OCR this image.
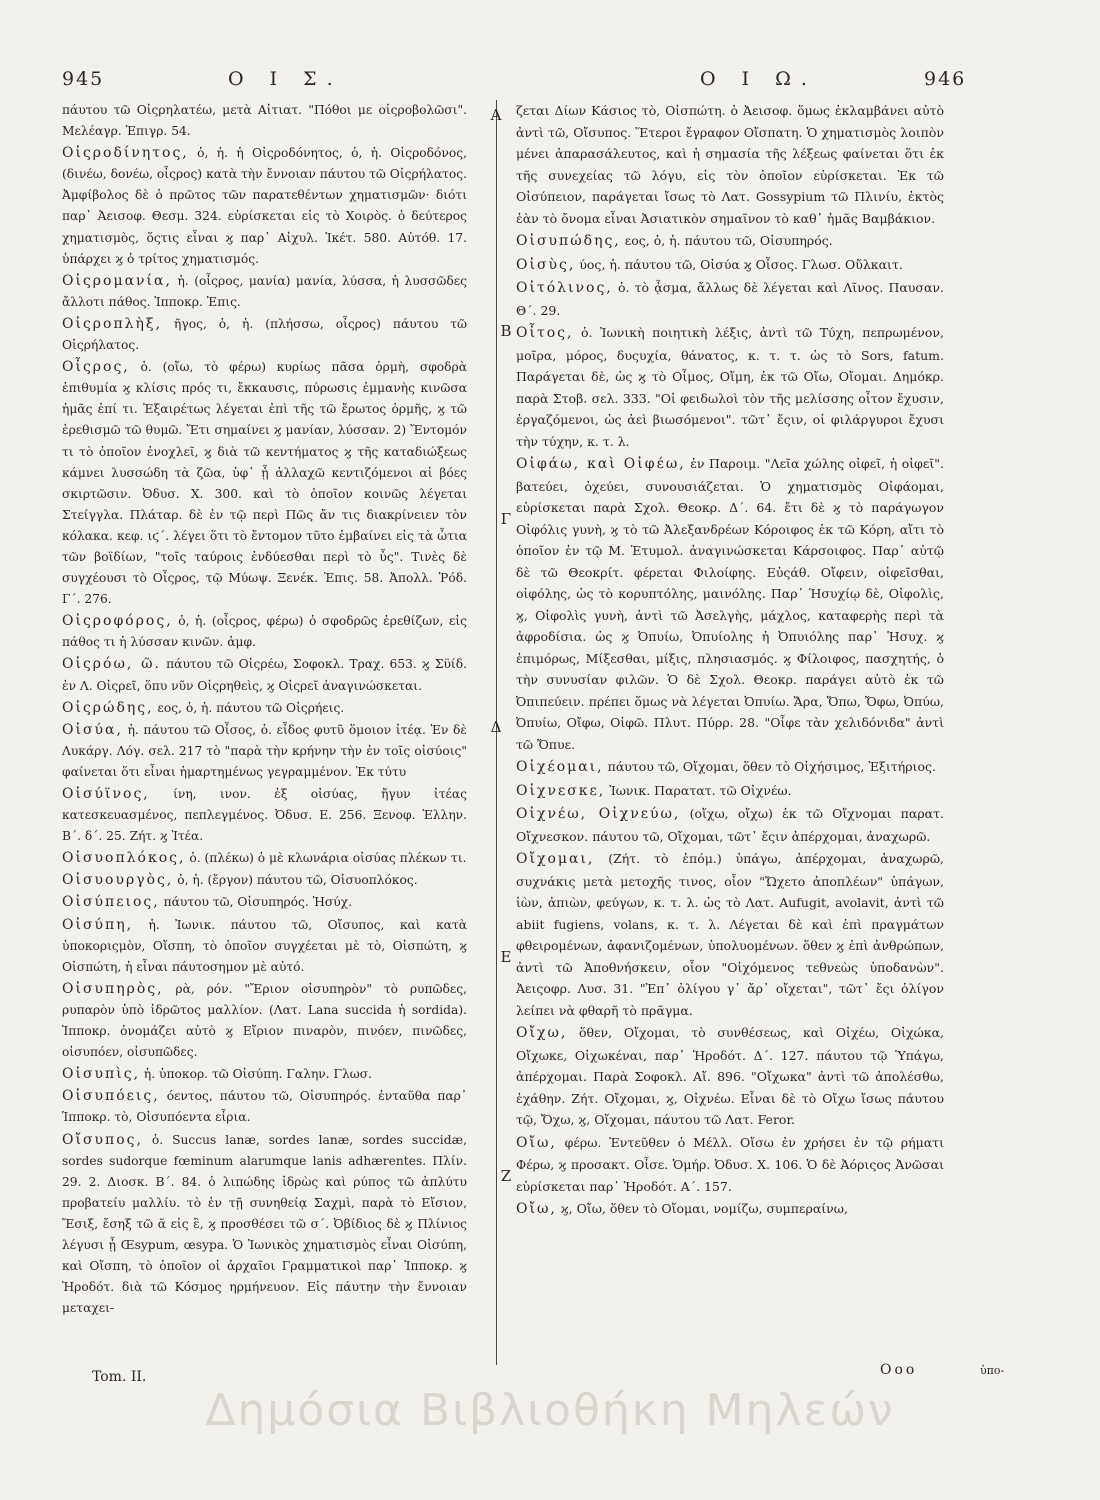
945	Ο Ι Σ.	Ο Ι Ω.	946

πάυτου τῶ Οἰςρηλατέω, μετὰ Αἰτιατ. "Πόθοι με οἰςροβολῶσι". Μελέαγρ. Ἐπιγρ. 54.

Οἰςροδίνητος, ὁ, ἡ. ἡ Οἰςροδόνητος, ὁ, ἡ. Οἰςροδόνος, (δινέω, δονέω, οἶςρος) κατὰ τὴν ἔννοιαν πάυτου τῶ Οἰςρήλατος. Ἀμφίβολος δὲ ὁ πρῶτος τῶν παρατεθέντων χηματισμῶν· διότι παρ᾽ Ἀεισοφ. Θεσμ. 324. εὑρίσκεται εἰς τὸ Χοιρὸς. ὁ δεύτερος χηματισμὸς, ὅςτις εἶναι ϗ παρ᾽ Αἰχυλ. Ἱκέτ. 580. Αὐτόθ. 17. ὑπάρχει ϗ ὁ τρίτος χηματισμός.

Οἰςρομανία, ἡ. (οἶςρος, μανία) μανία, λύσσα, ἡ λυσσῶδες ἄλλοτι πάθος. Ἱπποκρ. Ἐπις.

Οἰςροπλὴξ, ῆγος, ὁ, ἡ. (πλήσσω, οἶςρος) πάυτου τῶ Οἰςρήλατος.

Οἶςρος, ὁ. (οἴω, τὸ φέρω) κυρίως πᾶσα ὁρμὴ, σφοδρὰ ἐπιθυμία ϗ κλίσις πρός τι, ἔκκαυσις, πύρωσις ἐμμανὴς κινῶσα ἡμᾶς ἐπί τι. Ἐξαιρέτως λέγεται ἐπὶ τῆς τῶ ἔρωτος ὁρμῆς, ϗ τῶ ἐρεθισμῶ τῶ θυμῶ. Ἔτι σημαίνει ϗ μανίαν, λύσσαν. 2) Ἔντομόν τι τὸ ὁποῖον ἐνοχλεῖ, ϗ διὰ τῶ κεντήματος ϗ τῆς καταδιώξεως κάμνει λυσσώδη τὰ ζῶα, ὑφ᾽ ᾗ ἀλλαχῶ κεντιζόμενοι αἱ βόες σκιρτῶσιν. Ὀδυσ. Χ. 300. καὶ τὸ ὁποῖον κοινῶς λέγεται Στείγγλα. Πλάταρ. δὲ ἐν τῷ περὶ Πῶς ἄν τις διακρίνειεν τὸν κόλακα. κεφ. ιϛ΄. λέγει ὅτι τὸ ἔντομον τῦτο ἐμβαίνει εἰς τὰ ὦτια τῶν βοϊδίων, "τοῖς ταύροις ἐνδύεσθαι περὶ τὸ ὖς". Τινὲς δὲ συγχέουσι τὸ Οἶςρος, τῷ Μύωψ. Ξενέκ. Ἐπις. 58. Ἀπολλ. Ῥόδ. Γ΄. 276.

Οἰςροφόρος, ὁ, ἡ. (οἶςρος, φέρω) ὁ σφοδρῶς ἐρεθίζων, εἰς πάθος τι ἡ λύσσαν κινῶν. ἀμφ.

Οἰςρόω, ῶ. πάυτου τῶ Οἰςρέω, Σοφοκλ. Τραχ. 653. ϗ Σϋίδ. ἐν Λ. Οἰςρεῖ, ὅπυ νῦν Οἰςρηθεὶς, ϗ Οἰςρεῖ ἀναγινώσκεται.

Οἰςρώδης, εος, ὁ, ἡ. πάυτου τῶ Οἰςρήεις.

Οἰσύα, ἡ. πάυτου τῶ Οἶσος, ὁ. εἶδος φυτῦ ὅμοιον ἰτέᾳ. Ἐν δὲ Λυκάργ. Λόγ. σελ. 217 τὸ "παρὰ τὴν κρήνην τὴν ἐν τοῖς οἰσύοις" φαίνεται ὅτι εἶναι ἡμαρτημένως γεγραμμένον. Ἐκ τύτυ

Οἰσύϊνος, ίνη, ινον. ἐξ οἰσύας, ἤγυν ἰτέας κατεσκευασμένος, πεπλεγμένος. Ὀδυσ. Ε. 256. Ξενοφ. Ἑλλην. Β΄. δ΄. 25. Ζήτ. ϗ Ἰτέα.

Οἰσυοπλόκος, ὁ. (πλέκω) ὁ μὲ κλωνάρια οἰσύας πλέκων τι.

Οἰσυουργὸς, ὁ, ἡ. (ἔργον) πάυτου τῶ, Οἰσυοπλόκος.

Οἰσύπειος, πάυτου τῶ, Οἰσυπηρός. Ἡσύχ.

Οἰσύπη, ἡ. Ἰωνικ. πάυτου τῶ, Οἴσυπος, καὶ κατὰ ὑποκοριςμὸν, Οἴσπη, τὸ ὁποῖον συγχέεται μὲ τὸ, Οἰσπώτη, ϗ Οἰσπώτη, ἡ εἶναι πάυτοσημον μὲ αὐτό.

Οἰσυπηρὸς, ρὰ, ρόν. "Ἔριον οἰσυπηρὸν" τὸ ρυπῶδες, ρυπαρὸν ὑπὸ ἱδρῶτος μαλλίον. (Λατ. Lana succida ἡ sordida). Ἱπποκρ. ὀνομάζει αὐτὸ ϗ Εἴριον πιναρὸν, πινόεν, πινῶδες, οἰσυπόεν, οἰσυπῶδες.

Οἰσυπὶς, ἡ. ὑποκορ. τῶ Οἰσύπη. Γαλην. Γλωσ.

Οἰσυπόεις, όεντος, πάυτου τῶ, Οἰσυπηρός. ἐνταῦθα παρ᾽ Ἱπποκρ. τὸ, Οἰσυπόεντα εἶρια.

Οἴσυπος, ὁ. Succus lanæ, sordes lanæ, sordes succidæ, sordes sudorque fœminum alarumque lanis adhærentes. Πλίν. 29. 2. Διοσκ. Β΄. 84. ὁ λιπώδης ἱδρὼς καὶ ρύπος τῶ ἀπλύτυ προβατείυ μαλλίυ. τὸ ἐν τῇ συνηθείᾳ Σαχμὶ, παρὰ τὸ Εἴσιον, Ἔσιξ, ἔσηξ τῶ ᾶ εἰς ἒ, ϗ προσθέσει τῶ σ΄. Ὀβίδιος δὲ ϗ Πλίνιος λέγυσι ᾗ Œsypum, œsypa. Ὁ Ἰωνικὸς χηματισμὸς εἶναι Οἰσύπη, καὶ Οἴσπη, τὸ ὁποῖον οἱ ἀρχαῖοι Γραμματικοὶ παρ᾽ Ἱπποκρ. ϗ Ἡροδότ. διὰ τῶ Κόσμος ηρμήνευον. Εἰς πάυτην τὴν ἔννοιαν μεταχει-

Α
Β
Γ
Δ
Ε
Ζ

ζεται Δίων Κάσιος τὸ, Οἰσπώτη. ὁ Ἀεισοφ. ὅμως ἐκλαμβάνει αὐτὸ ἀντὶ τῶ, Οἴσυπος. Ἕτεροι ἔγραφον Οἴσπατη. Ὁ χηματισμὸς λοιπὸν μένει ἀπαρασάλευτος, καὶ ἡ σημασία τῆς λέξεως φαίνεται ὅτι ἐκ τῆς συνεχείας τῶ λόγυ, εἰς τὸν ὁποῖον εὑρίσκεται. Ἐκ τῶ Οἰσύπειον, παράγεται ἴσως τὸ Λατ. Gossypium τῶ Πλινίυ, ἐκτὸς ἐὰν τὸ ὄνομα εἶναι Ἀσιατικὸν σημαῖνον τὸ καθ᾽ ἡμᾶς Βαμβάκιον.

Οἰσυπώδης, εος, ὁ, ἡ. πάυτου τῶ, Οἰσυπηρός.

Οἰσὺς, ύος, ἡ. πάυτου τῶ, Οἰσύα ϗ Οἶσος. Γλωσ. Οὔλκαιτ.

Οἰτόλινος, ὁ. τὸ ᾆσμα, ἄλλως δὲ λέγεται καὶ Λῖνος. Παυσαν. Θ΄. 29.

Οἶτος, ὁ. Ἰωνικὴ ποιητικὴ λέξις, ἀντὶ τῶ Τύχη, πεπρωμένον, μοῖρα, μόρος, δυςυχία, θάνατος, κ. τ. τ. ὡς τὸ Sors, fatum. Παράγεται δὲ, ὡς ϗ τὸ Οἶμος, Οἴμη, ἐκ τῶ Οἴω, Οἴομαι. Δημόκρ. παρὰ Στοβ. σελ. 333. "Οἱ φειδωλοὶ τὸν τῆς μελίσσης οἶτον ἔχυσιν, ἐργαζόμενοι, ὡς ἀεὶ βιωσόμενοι". τῶτ᾽ ἔςιν, οἱ φιλάργυροι ἔχυσι τὴν τύχην, κ. τ. λ.

Οἰφάω, καὶ Οἰφέω, ἐν Παροιμ. "Λεῖα χώλης οἰφεῖ, ἡ οἰφεῖ". βατεύει, ὀχεύει, συνουσιάζεται. Ὁ χηματισμὸς Οἰφάομαι, εὑρίσκεται παρὰ Σχολ. Θεοκρ. Δ΄. 64. ἔτι δὲ ϗ τὸ παράγωγον Οἰφόλις γυνὴ, ϗ τὸ τῶ Ἀλεξανδρέων Κόροιφος ἐκ τῶ Κόρη, αἴτι τὸ ὁποῖον ἐν τῷ Μ. Ἐτυμολ. ἀναγινώσκεται Κάρσοιφος. Παρ᾽ αὐτῷ δὲ τῶ Θεοκρίτ. φέρεται Φιλοίφης. Εὐςάθ. Οἴφειν, οἰφεῖσθαι, οἰφόλης, ὡς τὸ κορυπτόλης, μαινόλης. Παρ᾽ Ἡσυχίῳ δὲ, Οἰφολὶς, ϗ, Οἰφολὶς γυνὴ, ἀντὶ τῶ Ἀσελγὴς, μάχλος, καταφερὴς περὶ τὰ ἀφροδίσια. ὡς ϗ Ὀπυίω, Ὀπυίολης ἡ Ὀπυιόλης παρ᾽ Ἡσυχ. ϗ ἐπιμόρως, Μίξεσθαι, μίξις, πλησιασμός. ϗ Φίλοιφος, πασχητής, ὁ τὴν συνυσίαν φιλῶν. Ὁ δὲ Σχολ. Θεοκρ. παράγει αὐτὸ ἐκ τῶ Ὀπιπεύειν. πρέπει ὅμως νὰ λέγεται Ὀπυίω. Ἄρα, Ὄπω, Ὄφω, Ὀπύω, Ὀπυίω, Οἴφω, Οἰφῶ. Πλυτ. Πύρρ. 28. "Οἶφε τὰν χελιδόνιδα" ἀντὶ τῶ Ὄπυε.

Οἰχέομαι, πάυτου τῶ, Οἴχομαι, ὅθεν τὸ Οἰχήσιμος, Ἐξιτήριος.

Οἰχνεσκε, Ἰωνικ. Παρατατ. τῶ Οἰχνέω.

Οἰχνέω, Οἰχνεύω, (οἴχω, οἴχω) ἐκ τῶ Οἴχνομαι παρατ. Οἴχνεσκον. πάυτου τῶ, Οἴχομαι, τῶτ᾽ ἔςιν ἀπέρχομαι, ἀναχωρῶ.

Οἴχομαι, (Ζήτ. τὸ ἑπόμ.) ὑπάγω, ἀπέρχομαι, ἀναχωρῶ, συχνάκις μετὰ μετοχῆς τινος, οἷον "Ὤχετο ἀποπλέων" ὑπάγων, ἰὼν, ἀπιὼν, φεύγων, κ. τ. λ. ὡς τὸ Λατ. Aufugit, avolavit, ἀντὶ τῶ abiit fugiens, volans, κ. τ. λ. Λέγεται δὲ καὶ ἐπὶ πραγμάτων φθειρομένων, ἀφανιζομένων, ὑπολυομένων. ὅθεν ϗ ἐπὶ ἀνθρώπων, ἀντὶ τῶ Ἀποθνήσκειν, οἷον "Οἰχόμενος τεθνεὼς ὑποδανὼν". Ἀειςοφρ. Λυσ. 31. "Ἐπ᾽ ὀλίγου γ᾽ ἄρ᾽ οἴχεται", τῶτ᾽ ἔςι ὀλίγον λείπει νὰ φθαρῆ τὸ πρᾶγμα.

Οἴχω, ὅθεν, Οἴχομαι, τὸ συνθέσεως, καὶ Οἰχέω, Οἰχώκα, Οἴχωκε, Οἰχωκέναι, παρ᾽ Ἡροδότ. Δ΄. 127. πάυτου τῷ Ὑπάγω, ἀπέρχομαι. Παρὰ Σοφοκλ. Αἴ. 896. "Οἴχωκα" ἀντὶ τῶ ἀπολέσθω, ἐχάθην. Ζήτ. Οἴχομαι, ϗ, Οἰχνέω. Εἶναι δὲ τὸ Οἴχω ἴσως πάυτου τῷ, Ὄχω, ϗ, Οἴχομαι, πάυτου τῶ Λατ. Feror.

Οἴω, φέρω. Ἐντεῦθεν ὁ Μέλλ. Οἴσω ἐν χρήσει ἐν τῷ ρήματι Φέρω, ϗ προσακτ. Οἶσε. Ὁμήρ. Ὀδυσ. Χ. 106. Ὁ δὲ Ἀόριςος Ἀνῶσαι εὑρίσκεται παρ᾽ Ἡροδότ. Α΄. 157.

Οἴω, ϗ, Οἴω, ὅθεν τὸ Οἴομαι, νομίζω, συμπεραίνω,

Tom. II.	Οοο	ὑπο-
Δημόσια Βιβλιοθήκη Μηλεών
